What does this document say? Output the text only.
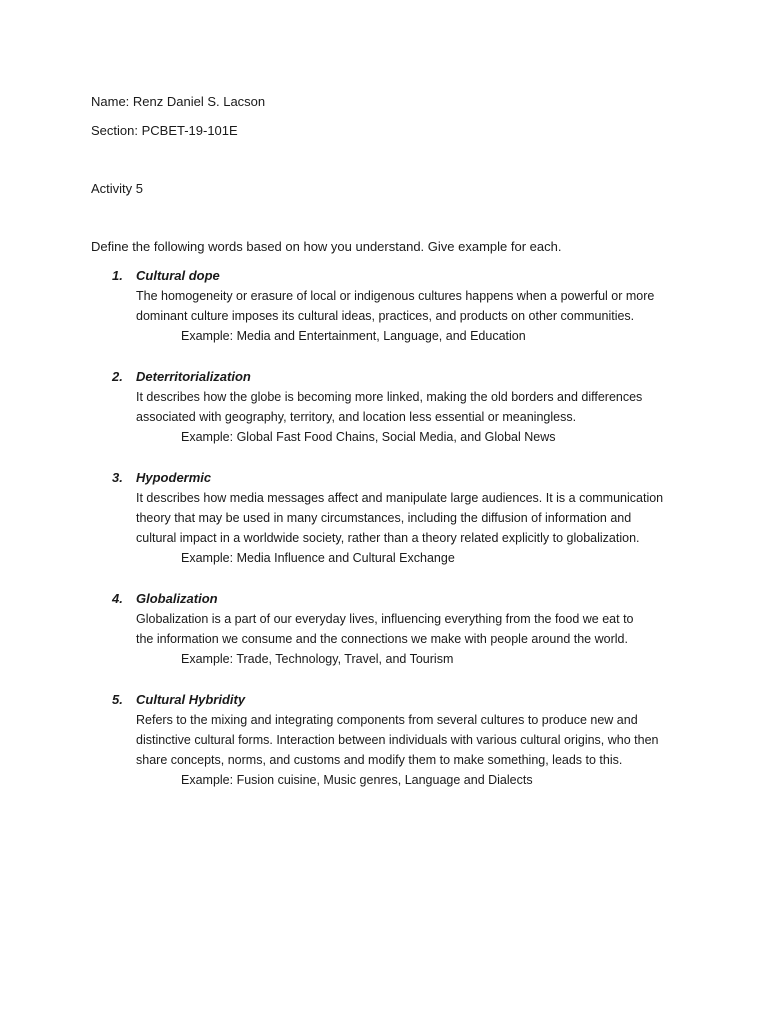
Name: Renz Daniel S. Lacson
Section: PCBET-19-101E
Activity 5
Define the following words based on how you understand. Give example for each.
1. Cultural dope
The homogeneity or erasure of local or indigenous cultures happens when a powerful or more
dominant culture imposes its cultural ideas, practices, and products on other communities.
Example: Media and Entertainment, Language, and Education
2. Deterritorialization
It describes how the globe is becoming more linked, making the old borders and differences
associated with geography, territory, and location less essential or meaningless.
Example: Global Fast Food Chains, Social Media, and Global News
3. Hypodermic
It describes how media messages affect and manipulate large audiences. It is a communication
theory that may be used in many circumstances, including the diffusion of information and
cultural impact in a worldwide society, rather than a theory related explicitly to globalization.
Example: Media Influence and Cultural Exchange
4. Globalization
Globalization is a part of our everyday lives, influencing everything from the food we eat to
the information we consume and the connections we make with people around the world.
Example: Trade, Technology, Travel, and Tourism
5. Cultural Hybridity
Refers to the mixing and integrating components from several cultures to produce new and
distinctive cultural forms. Interaction between individuals with various cultural origins, who then
share concepts, norms, and customs and modify them to make something, leads to this.
Example: Fusion cuisine, Music genres, Language and Dialects
